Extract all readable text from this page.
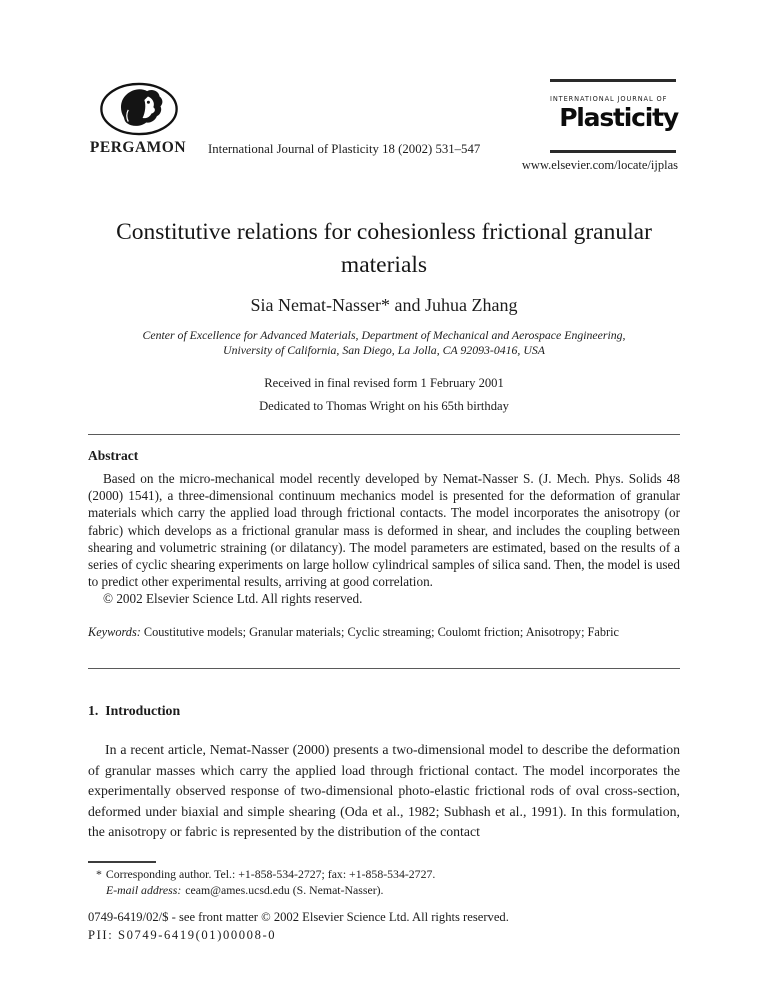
PERGAMON	International Journal of Plasticity 18 (2002) 531–547
INTERNATIONAL JOURNAL OF
Plasticity
www.elsevier.com/locate/ijplas
Constitutive relations for cohesionless frictional granular materials
Sia Nemat-Nasser* and Juhua Zhang
Center of Excellence for Advanced Materials, Department of Mechanical and Aerospace Engineering,
University of California, San Diego, La Jolla, CA 92093-0416, USA
Received in final revised form 1 February 2001
Dedicated to Thomas Wright on his 65th birthday
Abstract

Based on the micro-mechanical model recently developed by Nemat-Nasser S. (J. Mech. Phys. Solids 48 (2000) 1541), a three-dimensional continuum mechanics model is presented for the deformation of granular materials which carry the applied load through frictional contacts. The model incorporates the anisotropy (or fabric) which develops as a frictional granular mass is deformed in shear, and includes the coupling between shearing and volumetric straining (or dilatancy). The model parameters are estimated, based on the results of a series of cyclic shearing experiments on large hollow cylindrical samples of silica sand. Then, the model is used to predict other experimental results, arriving at good correlation.

© 2002 Elsevier Science Ltd. All rights reserved.

Keywords: Coustitutive models; Granular materials; Cyclic streaming; Coulomt friction; Anisotropy; Fabric
1.  Introduction
In a recent article, Nemat-Nasser (2000) presents a two-dimensional model to describe the deformation of granular masses which carry the applied load through frictional contact. The model incorporates the experimentally observed response of two-dimensional photo-elastic frictional rods of oval cross-section, deformed under biaxial and simple shearing (Oda et al., 1982; Subhash et al., 1991). In this formulation, the anisotropy or fabric is represented by the distribution of the contact
* Corresponding author. Tel.: +1-858-534-2727; fax: +1-858-534-2727.
E-mail address: ceam@ames.ucsd.edu (S. Nemat-Nasser).
0749-6419/02/$ - see front matter © 2002 Elsevier Science Ltd. All rights reserved.
PII: S0749-6419(01)00008-0
